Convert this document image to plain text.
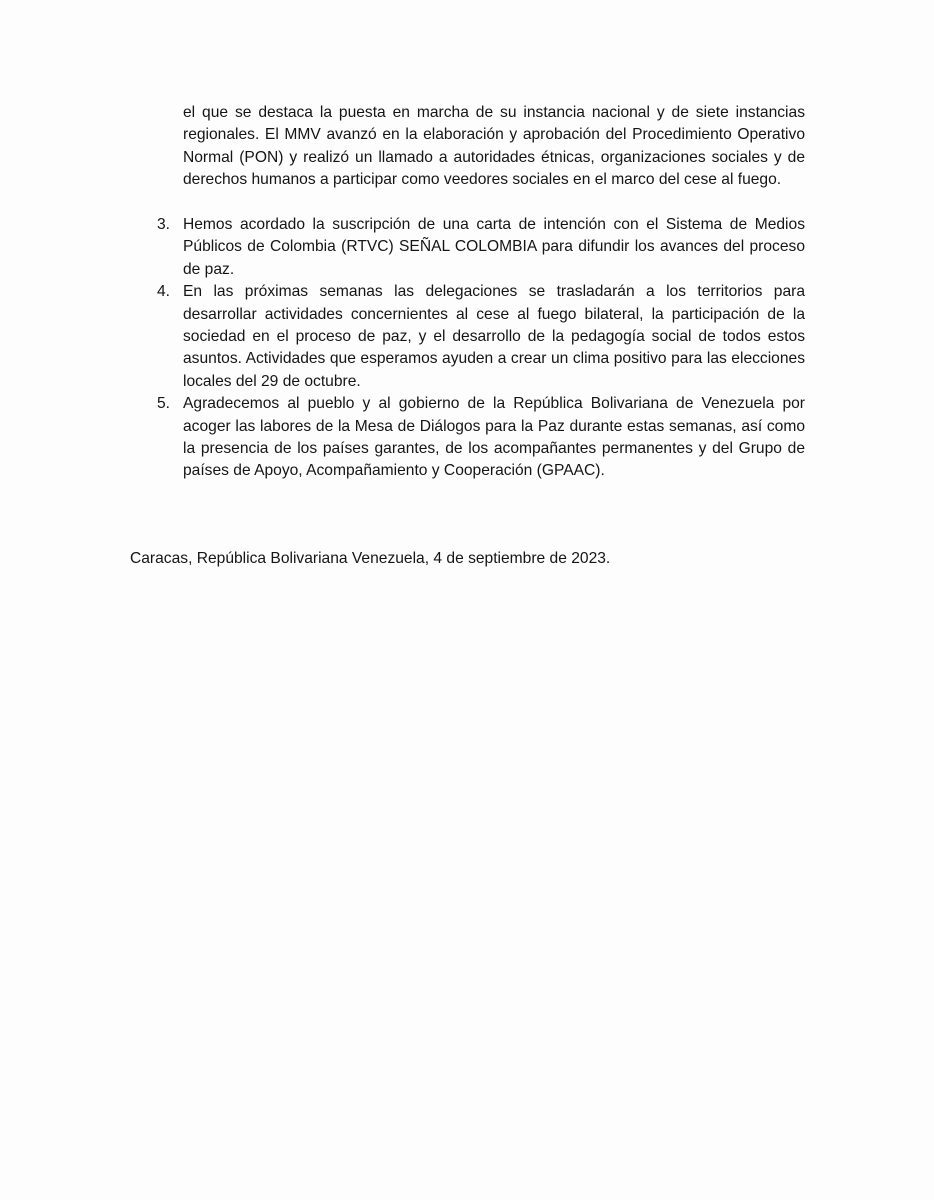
el que se destaca la puesta en marcha de su instancia nacional y de siete instancias regionales. El MMV avanzó en la elaboración y aprobación del Procedimiento Operativo Normal (PON) y realizó un llamado a autoridades étnicas, organizaciones sociales y de derechos humanos a participar como veedores sociales en el marco del cese al fuego.

3. Hemos acordado la suscripción de una carta de intención con el Sistema de Medios Públicos de Colombia (RTVC) SEÑAL COLOMBIA para difundir los avances del proceso de paz.
4. En las próximas semanas las delegaciones se trasladarán a los territorios para desarrollar actividades concernientes al cese al fuego bilateral, la participación de la sociedad en el proceso de paz, y el desarrollo de la pedagogía social de todos estos asuntos. Actividades que esperamos ayuden a crear un clima positivo para las elecciones locales del 29 de octubre.
5. Agradecemos al pueblo y al gobierno de la República Bolivariana de Venezuela por acoger las labores de la Mesa de Diálogos para la Paz durante estas semanas, así como la presencia de los países garantes, de los acompañantes permanentes y del Grupo de países de Apoyo, Acompañamiento y Cooperación (GPAAC).

Caracas, República Bolivariana Venezuela, 4 de septiembre de 2023.
